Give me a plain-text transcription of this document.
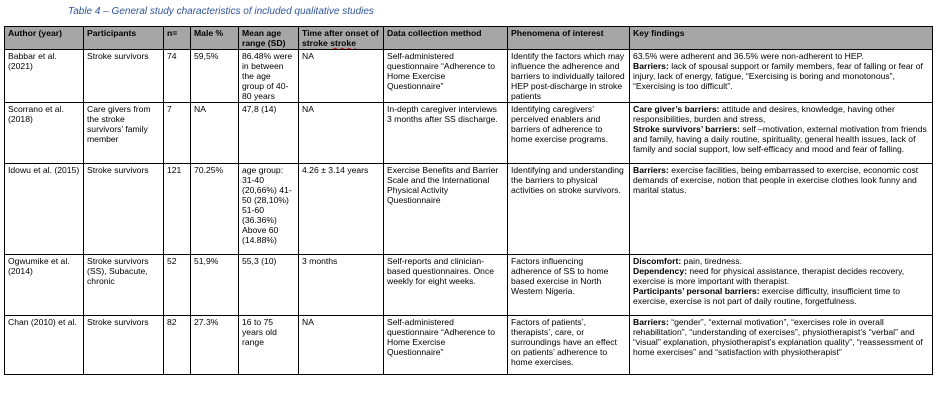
Table 4 – General study characteristics of included qualitative studies
Author (year)	Participants	n=	Male %	Mean age range (SD)	Time after onset of stroke stroke	Data collection method	Phenomena of interest	Key findings
Babbar et al. (2021)	Stroke survivors	74	59,5%	86.48% were in between the age group of 40-80 years	NA	Self-administered questionnaire “Adherence to Home Exercise Questionnaire”	Identify the factors which may influence the adherence and barriers to individually tailored HEP post-discharge in stroke patients	63.5% were adherent and 36.5% were non-adherent to HEP.

Barriers: lack of spousal support or family members, fear of falling or fear of injury, lack of energy, fatigue, “Exercising is boring and monotonous”, “Exercising is too difficult”.

Scorrano et al. (2018)	Care givers from the stroke survivors’ family member	7	NA	47,8 (14)	NA	In-depth caregiver interviews 3 months after SS discharge.	Identifying caregivers’ perceived enablers and barriers of adherence to home exercise programs.	Care giver’s barriers: attitude and desires, knowledge, having other responsibilities, burden and stress,

Stroke survivors’ barriers: self –motivation, external motivation from friends and family, having a daily routine, spirituality, general health issues, lack of family and social support, low self-efficacy and mood and fear of falling.

Idowu et al. (2015)	Stroke survivors	121	70.25%	age group: 31-40 (20,66%) 41-50 (28,10%) 51-60 (36.36%) Above 60 (14.88%)	4.26 ± 3.14 years	Exercise Benefits and Barrier Scale and the International Physical Activity Questionnaire	Identifying and understanding the barriers to physical activities on stroke survivors.	Barriers: exercise facilities, being embarrassed to exercise, economic cost demands of exercise, notion that people in exercise clothes look funny and marital status.

Ogwumike et al. (2014)	Stroke survivors (SS), Subacute, chronic	52	51,9%	55,3 (10)	3 months	Self-reports and clinician-based questionnaires. Once weekly for eight weeks.	Factors influencing adherence of SS to home based exercise in North Western Nigeria.	Discomfort: pain, tiredness.

Dependency: need for physical assistance, therapist decides recovery, exercise is more important with therapist.

Participants’ personal barriers: exercise difficulty, insufficient time to exercise, exercise is not part of daily routine, forgetfulness.

Chan (2010) et al.	Stroke survivors	82	27.3%	16 to 75 years old range	NA	Self-administered questionnaire “Adherence to Home Exercise Questionnaire”	Factors of patients’, therapists’, care, or surroundings have an effect on patients’ adherence to home exercises.	Barriers: “gender”, “external motivation”, “exercises role in overall rehabilitation”, “understanding of exercises”, physiotherapist’s “verbal” and “visual” explanation, physiotherapist’s explanation quality”, “reassessment of home exercises” and “satisfaction with physiotherapist”
